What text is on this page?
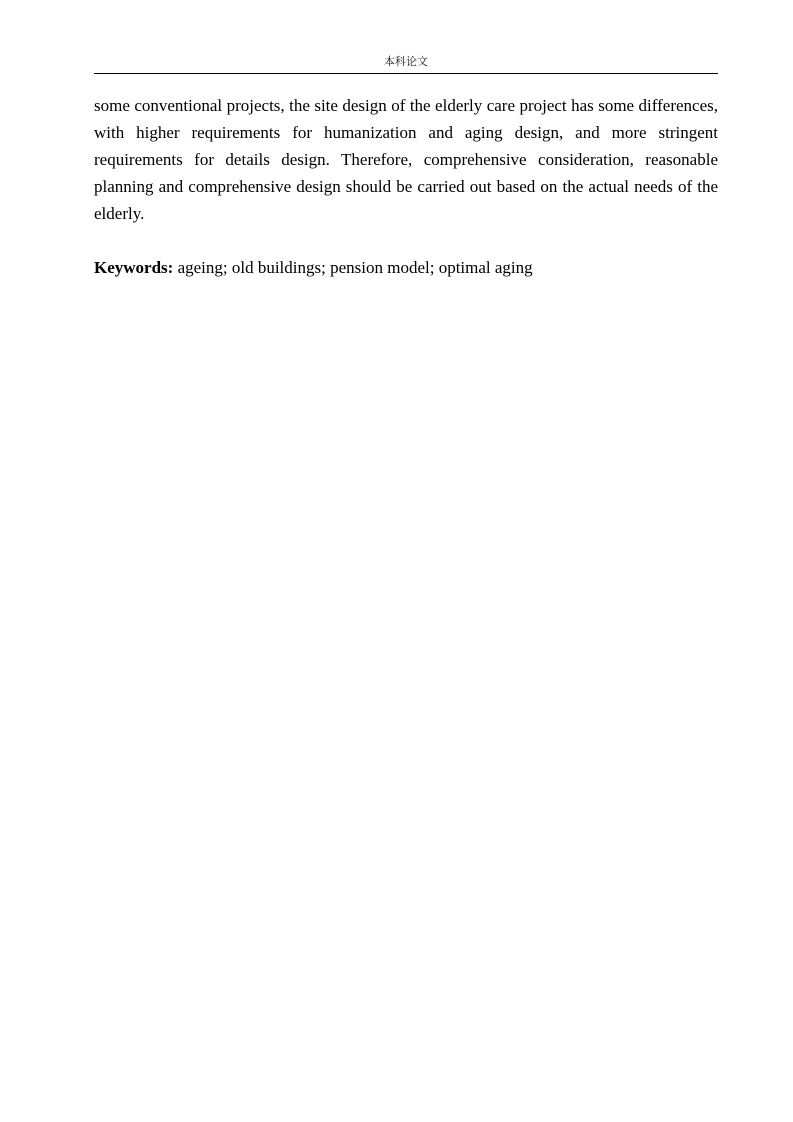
本科论文

some conventional projects, the site design of the elderly care project has some differences, with higher requirements for humanization and aging design, and more stringent requirements for details design. Therefore, comprehensive consideration, reasonable planning and comprehensive design should be carried out based on the actual needs of the elderly.

Keywords: ageing; old buildings; pension model; optimal aging
